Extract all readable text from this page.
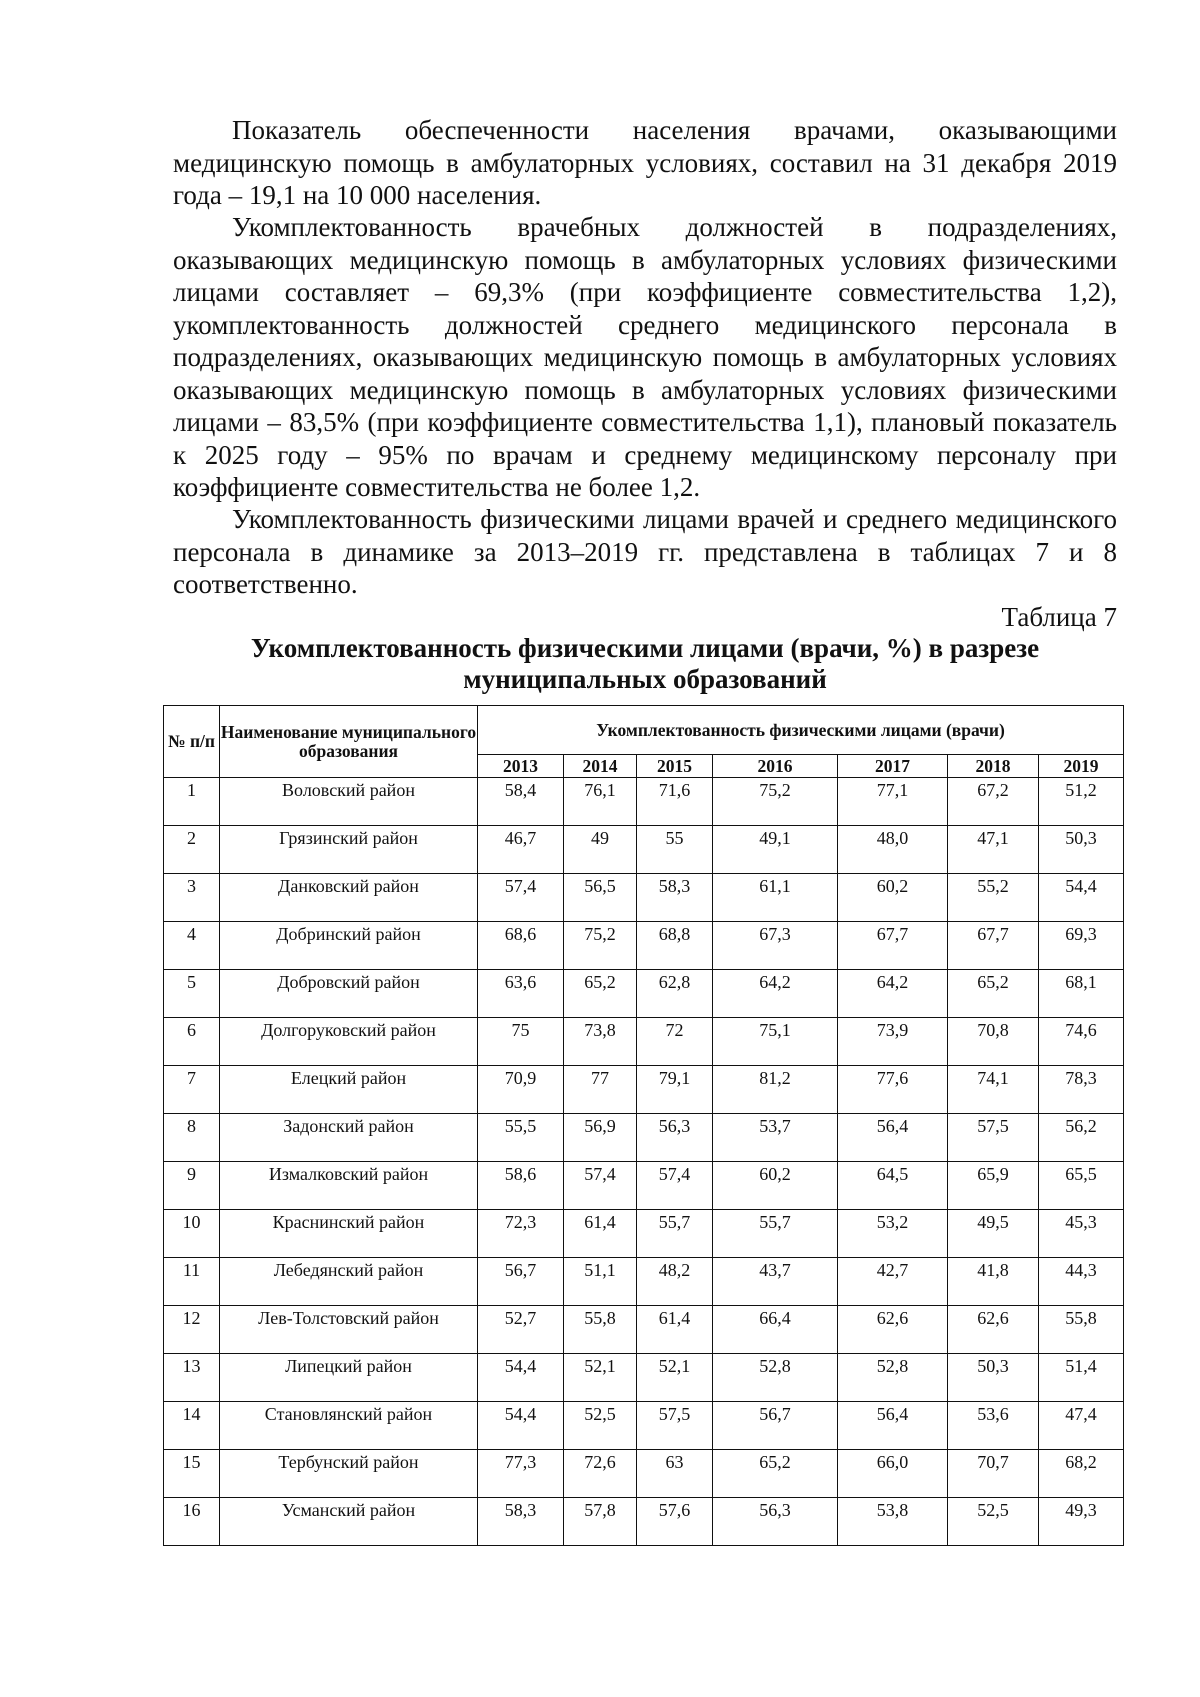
Показатель обеспеченности населения врачами, оказывающими медицинскую помощь в амбулаторных условиях, составил на 31 декабря 2019 года – 19,1 на 10 000 населения.

Укомплектованность врачебных должностей в подразделениях, оказывающих медицинскую помощь в амбулаторных условиях физическими лицами составляет – 69,3% (при коэффициенте совместительства 1,2), укомплектованность должностей среднего медицинского персонала в подразделениях, оказывающих медицинскую помощь в амбулаторных условиях оказывающих медицинскую помощь в амбулаторных условиях физическими лицами – 83,5% (при коэффициенте совместительства 1,1), плановый показатель к 2025 году – 95% по врачам и среднему медицинскому персоналу при коэффициенте совместительства не более 1,2.

Укомплектованность физическими лицами врачей и среднего медицинского персонала в динамике за 2013–2019 гг. представлена в таблицах 7 и 8 соответственно.

Таблица 7

Укомплектованность физическими лицами (врачи, %) в разрезе муниципальных образований

№ п/п	Наименование муниципального образования	Укомплектованность физическими лицами (врачи)						
		2013	2014	2015	2016	2017	2018	2019
1	Воловский район	58,4	76,1	71,6	75,2	77,1	67,2	51,2
2	Грязинский район	46,7	49	55	49,1	48,0	47,1	50,3
3	Данковский район	57,4	56,5	58,3	61,1	60,2	55,2	54,4
4	Добринский район	68,6	75,2	68,8	67,3	67,7	67,7	69,3
5	Добровский район	63,6	65,2	62,8	64,2	64,2	65,2	68,1
6	Долгоруковский район	75	73,8	72	75,1	73,9	70,8	74,6
7	Елецкий район	70,9	77	79,1	81,2	77,6	74,1	78,3
8	Задонский район	55,5	56,9	56,3	53,7	56,4	57,5	56,2
9	Измалковский район	58,6	57,4	57,4	60,2	64,5	65,9	65,5
10	Краснинский район	72,3	61,4	55,7	55,7	53,2	49,5	45,3
11	Лебедянский район	56,7	51,1	48,2	43,7	42,7	41,8	44,3
12	Лев-Толстовский район	52,7	55,8	61,4	66,4	62,6	62,6	55,8
13	Липецкий район	54,4	52,1	52,1	52,8	52,8	50,3	51,4
14	Становлянский район	54,4	52,5	57,5	56,7	56,4	53,6	47,4
15	Тербунский район	77,3	72,6	63	65,2	66,0	70,7	68,2
16	Усманский район	58,3	57,8	57,6	56,3	53,8	52,5	49,3
